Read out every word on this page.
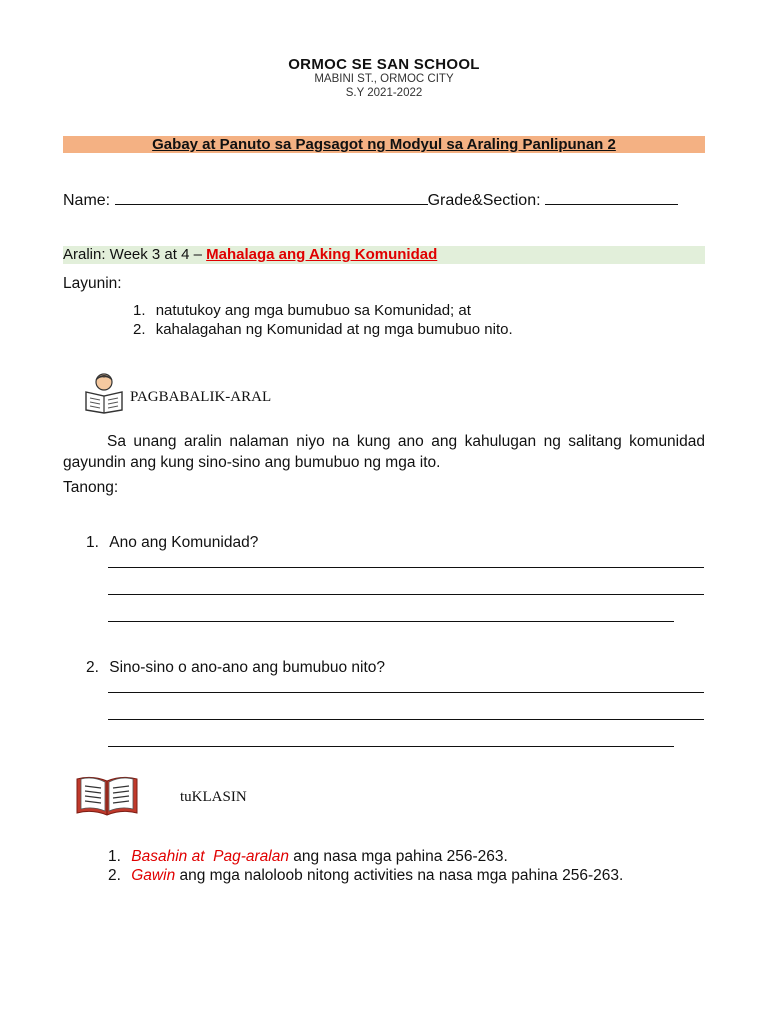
ORMOC SE SAN SCHOOL
MABINI ST., ORMOC CITY
S.Y 2021-2022
Gabay at Panuto sa Pagsagot ng Modyul sa Araling Panlipunan 2
Name:	Grade&Section:
Aralin: Week 3 at 4 – Mahalaga ang Aking Komunidad
Layunin:
1. natutukoy ang mga bumubuo sa Komunidad; at
2. kahalagahan ng Komunidad at ng mga bumubuo nito.
PAGBABALIK-ARAL
Sa unang aralin nalaman niyo na kung ano ang kahulugan ng salitang komunidad gayundin ang kung sino-sino ang bumubuo ng mga ito.
Tanong:
1. Ano ang Komunidad?
2. Sino-sino o ano-ano ang bumubuo nito?
tuKLASIN
1. Basahin at  Pag-aralan ang nasa mga pahina 256-263.
2. Gawin ang mga naloloob nitong activities na nasa mga pahina 256-263.
